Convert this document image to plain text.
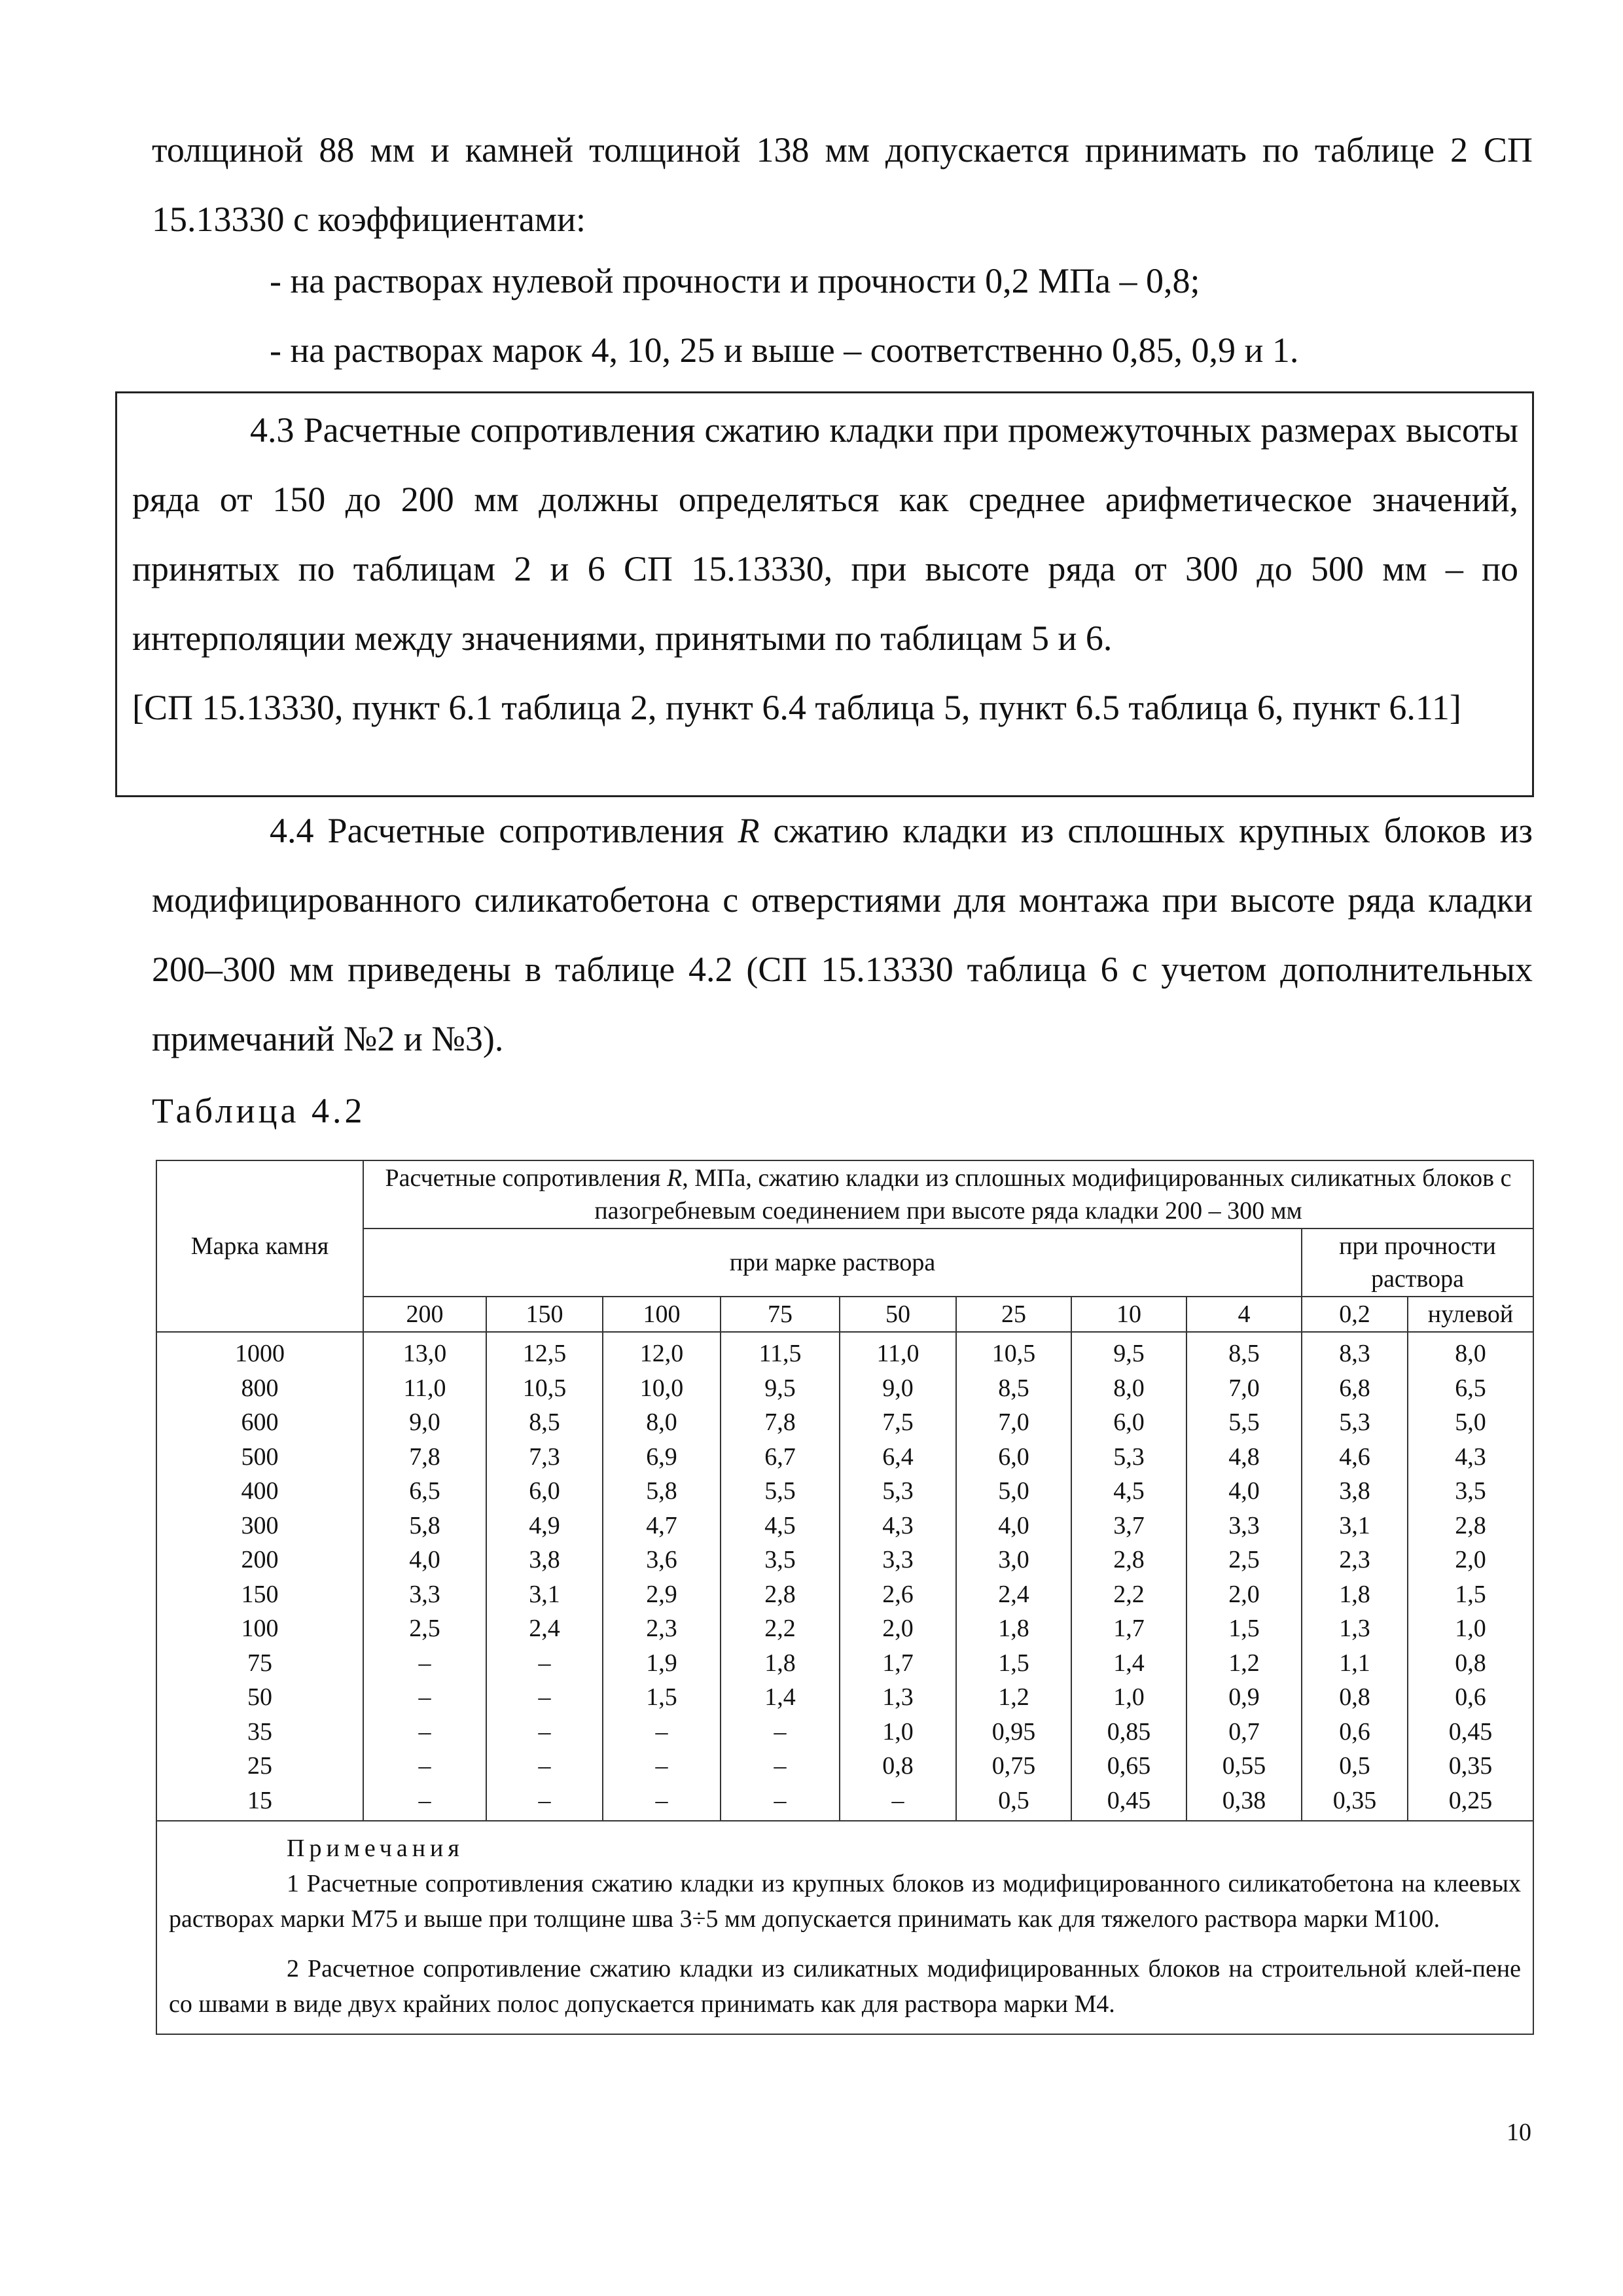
толщиной 88 мм и камней толщиной 138 мм допускается принимать по таблице 2 СП 15.13330 с коэффициентами:

- на растворах нулевой прочности и прочности 0,2 МПа – 0,8;

- на растворах марок 4, 10, 25 и выше – соответственно 0,85, 0,9 и 1.

4.3 Расчетные сопротивления сжатию кладки при промежуточных размерах высоты ряда от 150 до 200 мм должны определяться как среднее арифметическое значений, принятых по таблицам 2 и 6 СП 15.13330, при высоте ряда от 300 до 500 мм – по интерполяции между значениями, принятыми по таблицам 5 и 6.

[СП 15.13330, пункт 6.1 таблица 2, пункт 6.4 таблица 5, пункт 6.5 таблица 6, пункт 6.11]

4.4 Расчетные сопротивления R сжатию кладки из сплошных крупных блоков из модифицированного силикатобетона с отверстиями для монтажа при высоте ряда кладки 200–300 мм приведены в таблице 4.2 (СП 15.13330 таблица 6 с учетом дополнительных примечаний №2 и №3).

Таблица 4.2
Марка камня	Расчетные сопротивления R, МПа, сжатию кладки из сплошных модифицированных силикатных блоков с пазогребневым соединением при высоте ряда кладки 200 – 300 мм									
	при марке раствора								при прочности раствора	
	200	150	100	75	50	25	10	4	0,2	нулевой
1000	13,0	12,5	12,0	11,5	11,0	10,5	9,5	8,5	8,3	8,0
800	11,0	10,5	10,0	9,5	9,0	8,5	8,0	7,0	6,8	6,5
600	9,0	8,5	8,0	7,8	7,5	7,0	6,0	5,5	5,3	5,0
500	7,8	7,3	6,9	6,7	6,4	6,0	5,3	4,8	4,6	4,3
400	6,5	6,0	5,8	5,5	5,3	5,0	4,5	4,0	3,8	3,5
300	5,8	4,9	4,7	4,5	4,3	4,0	3,7	3,3	3,1	2,8
200	4,0	3,8	3,6	3,5	3,3	3,0	2,8	2,5	2,3	2,0
150	3,3	3,1	2,9	2,8	2,6	2,4	2,2	2,0	1,8	1,5
100	2,5	2,4	2,3	2,2	2,0	1,8	1,7	1,5	1,3	1,0
75	–	–	1,9	1,8	1,7	1,5	1,4	1,2	1,1	0,8
50	–	–	1,5	1,4	1,3	1,2	1,0	0,9	0,8	0,6
35	–	–	–	–	1,0	0,95	0,85	0,7	0,6	0,45
25	–	–	–	–	0,8	0,75	0,65	0,55	0,5	0,35
15	–	–	–	–	–	0,5	0,45	0,38	0,35	0,25

Примечания

1 Расчетные сопротивления сжатию кладки из крупных блоков из модифицированного силикатобетона на клеевых растворах марки М75 и выше при толщине шва 3÷5 мм допускается принимать как для тяжелого раствора марки М100.

2 Расчетное сопротивление сжатию кладки из силикатных модифицированных блоков на строительной клей-пене со швами в виде двух крайних полос допускается принимать как для раствора марки М4.										

10
